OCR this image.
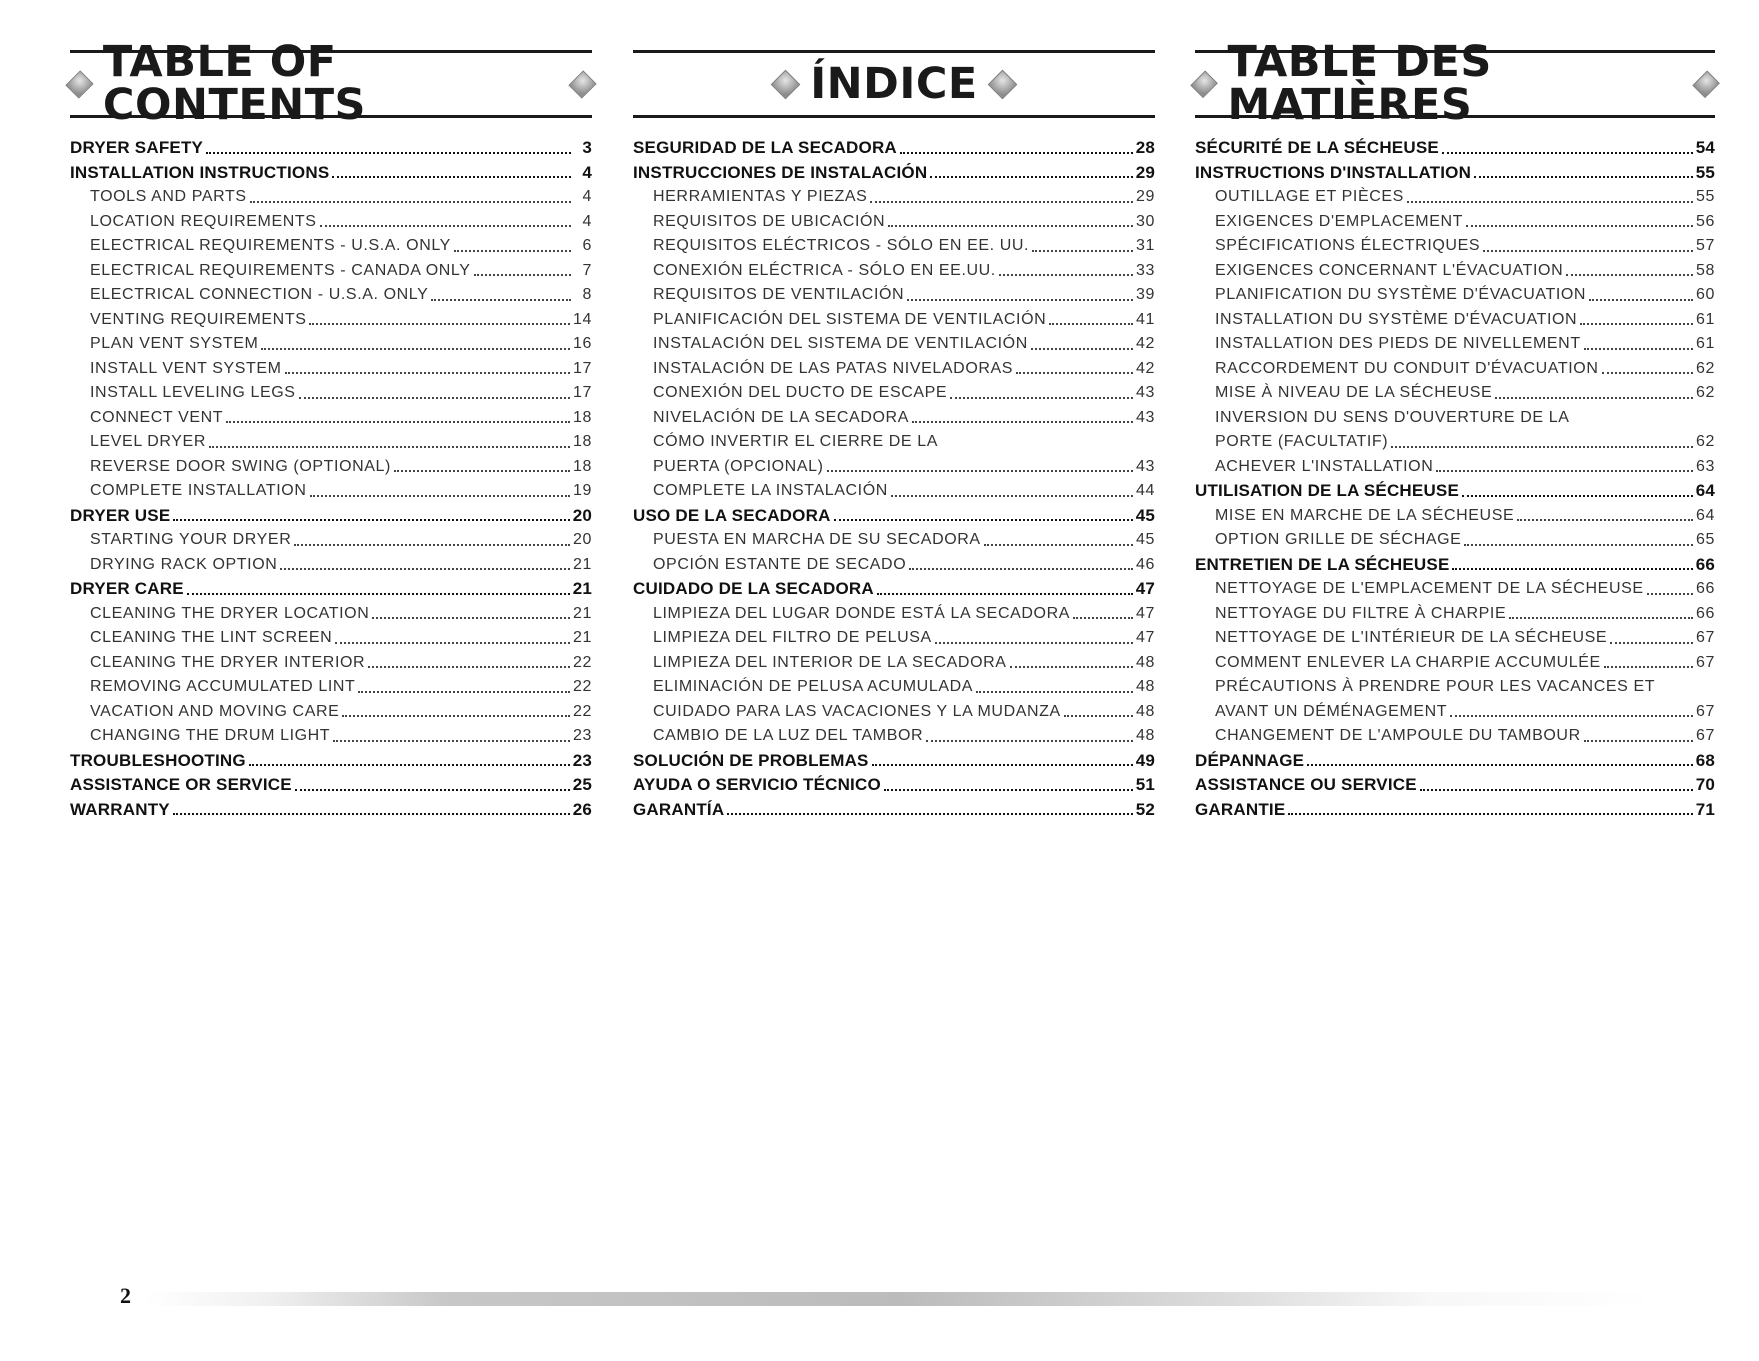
TABLE OF CONTENTS
DRYER SAFETY	3
INSTALLATION INSTRUCTIONS	4
TOOLS AND PARTS	4
LOCATION REQUIREMENTS	4
ELECTRICAL REQUIREMENTS - U.S.A. ONLY	6
ELECTRICAL REQUIREMENTS - CANADA ONLY	7
ELECTRICAL CONNECTION - U.S.A. ONLY	8
VENTING REQUIREMENTS	14
PLAN VENT SYSTEM	16
INSTALL VENT SYSTEM	17
INSTALL LEVELING LEGS	17
CONNECT VENT	18
LEVEL DRYER	18
REVERSE DOOR SWING (OPTIONAL)	18
COMPLETE INSTALLATION	19
DRYER USE	20
STARTING YOUR DRYER	20
DRYING RACK OPTION	21
DRYER CARE	21
CLEANING THE DRYER LOCATION	21
CLEANING THE LINT SCREEN	21
CLEANING THE DRYER INTERIOR	22
REMOVING ACCUMULATED LINT	22
VACATION AND MOVING CARE	22
CHANGING THE DRUM LIGHT	23
TROUBLESHOOTING	23
ASSISTANCE OR SERVICE	25
WARRANTY	26
ÍNDICE
SEGURIDAD DE LA SECADORA	28
INSTRUCCIONES DE INSTALACIÓN	29
HERRAMIENTAS Y PIEZAS	29
REQUISITOS DE UBICACIÓN	30
REQUISITOS ELÉCTRICOS - SÓLO EN EE. UU.	31
CONEXIÓN ELÉCTRICA - SÓLO EN EE.UU.	33
REQUISITOS DE VENTILACIÓN	39
PLANIFICACIÓN DEL SISTEMA DE VENTILACIÓN	41
INSTALACIÓN DEL SISTEMA DE VENTILACIÓN	42
INSTALACIÓN DE LAS PATAS NIVELADORAS	42
CONEXIÓN DEL DUCTO DE ESCAPE	43
NIVELACIÓN DE LA SECADORA	43
CÓMO INVERTIR EL CIERRE DE LA
PUERTA (OPCIONAL)	43
COMPLETE LA INSTALACIÓN	44
USO DE LA SECADORA	45
PUESTA EN MARCHA DE SU SECADORA	45
OPCIÓN ESTANTE DE SECADO	46
CUIDADO DE LA SECADORA	47
LIMPIEZA DEL LUGAR DONDE ESTÁ LA SECADORA	47
LIMPIEZA DEL FILTRO DE PELUSA	47
LIMPIEZA DEL INTERIOR DE LA SECADORA	48
ELIMINACIÓN DE PELUSA ACUMULADA	48
CUIDADO PARA LAS VACACIONES Y LA MUDANZA	48
CAMBIO DE LA LUZ DEL TAMBOR	48
SOLUCIÓN DE PROBLEMAS	49
AYUDA O SERVICIO TÉCNICO	51
GARANTÍA	52
TABLE DES MATIÈRES
SÉCURITÉ DE LA SÉCHEUSE	54
INSTRUCTIONS D'INSTALLATION	55
OUTILLAGE ET PIÈCES	55
EXIGENCES D'EMPLACEMENT	56
SPÉCIFICATIONS ÉLECTRIQUES	57
EXIGENCES CONCERNANT L'ÉVACUATION	58
PLANIFICATION DU SYSTÈME D'ÉVACUATION	60
INSTALLATION DU SYSTÈME D'ÉVACUATION	61
INSTALLATION DES PIEDS DE NIVELLEMENT	61
RACCORDEMENT DU CONDUIT D'ÉVACUATION	62
MISE À NIVEAU DE LA SÉCHEUSE	62
INVERSION DU SENS D'OUVERTURE DE LA
PORTE (FACULTATIF)	62
ACHEVER L'INSTALLATION	63
UTILISATION DE LA SÉCHEUSE	64
MISE EN MARCHE DE LA SÉCHEUSE	64
OPTION GRILLE DE SÉCHAGE	65
ENTRETIEN DE LA SÉCHEUSE	66
NETTOYAGE DE L'EMPLACEMENT DE LA SÉCHEUSE	66
NETTOYAGE DU FILTRE À CHARPIE	66
NETTOYAGE DE L'INTÉRIEUR DE LA SÉCHEUSE	67
COMMENT ENLEVER LA CHARPIE ACCUMULÉE	67
PRÉCAUTIONS À PRENDRE POUR LES VACANCES ET
AVANT UN DÉMÉNAGEMENT	67
CHANGEMENT DE L'AMPOULE DU TAMBOUR	67
DÉPANNAGE	68
ASSISTANCE OU SERVICE	70
GARANTIE	71
2
